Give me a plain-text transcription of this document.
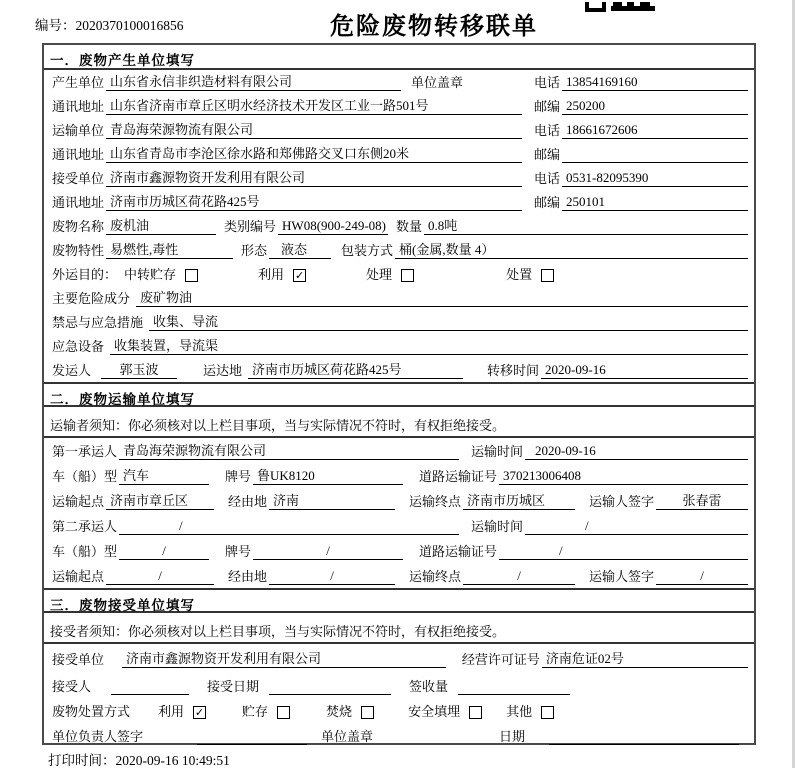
编号：2020370100016856	危险废物转移联单
一．废物产生单位填写
产生单位 山东省永信非织造材料有限公司	单位盖章	电话 13854169160
通讯地址 山东省济南市章丘区明水经济技术开发区工业一路501号	邮编 250200
运输单位 青岛海荣源物流有限公司	电话 18661672606
通讯地址 山东省青岛市李沧区徐水路和郑佛路交叉口东侧20米	邮编
接受单位 济南市鑫源物资开发利用有限公司	电话 0531-82095390
通讯地址 济南市历城区荷花路425号	邮编 250101
废物名称 废机油	类别编号 HW08(900-249-08) 数量 0.8吨
废物特性 易燃性,毒性	形态	液态	包装方式 桶(金属,数量 4）
外运目的： 中转贮存	利用 ✓	处理	处置
主要危险成分 废矿物油
禁忌与应急措施 收集、导流
应急设备 收集装置，导流渠
发运人	郭玉波	运达地 济南市历城区荷花路425号	转移时间 2020-09-16
二．废物运输单位填写
运输者须知：你必须核对以上栏目事项，当与实际情况不符时，有权拒绝接受。
第一承运人 青岛海荣源物流有限公司	运输时间 2020-09-16
车（船）型 汽车	牌号 鲁UK8120	道路运输证号 370213006408
运输起点 济南市章丘区	经由地 济南	运输终点 济南市历城区	运输人签字	张春雷
第二承运人	/	运输时间	/
车（船）型	/	牌号	/	道路运输证号	/
运输起点	/	经由地	/	运输终点	/	运输人签字	/
三．废物接受单位填写
接受者须知：你必须核对以上栏目事项，当与实际情况不符时，有权拒绝接受。
接受单位	济南市鑫源物资开发利用有限公司	经营许可证号 济南危证02号
接受人	接受日期	签收量
废物处置方式 利用 ✓	贮存	焚烧	安全填埋	其他
单位负责人签字	单位盖章	日期
打印时间：2020-09-16 10:49:51
